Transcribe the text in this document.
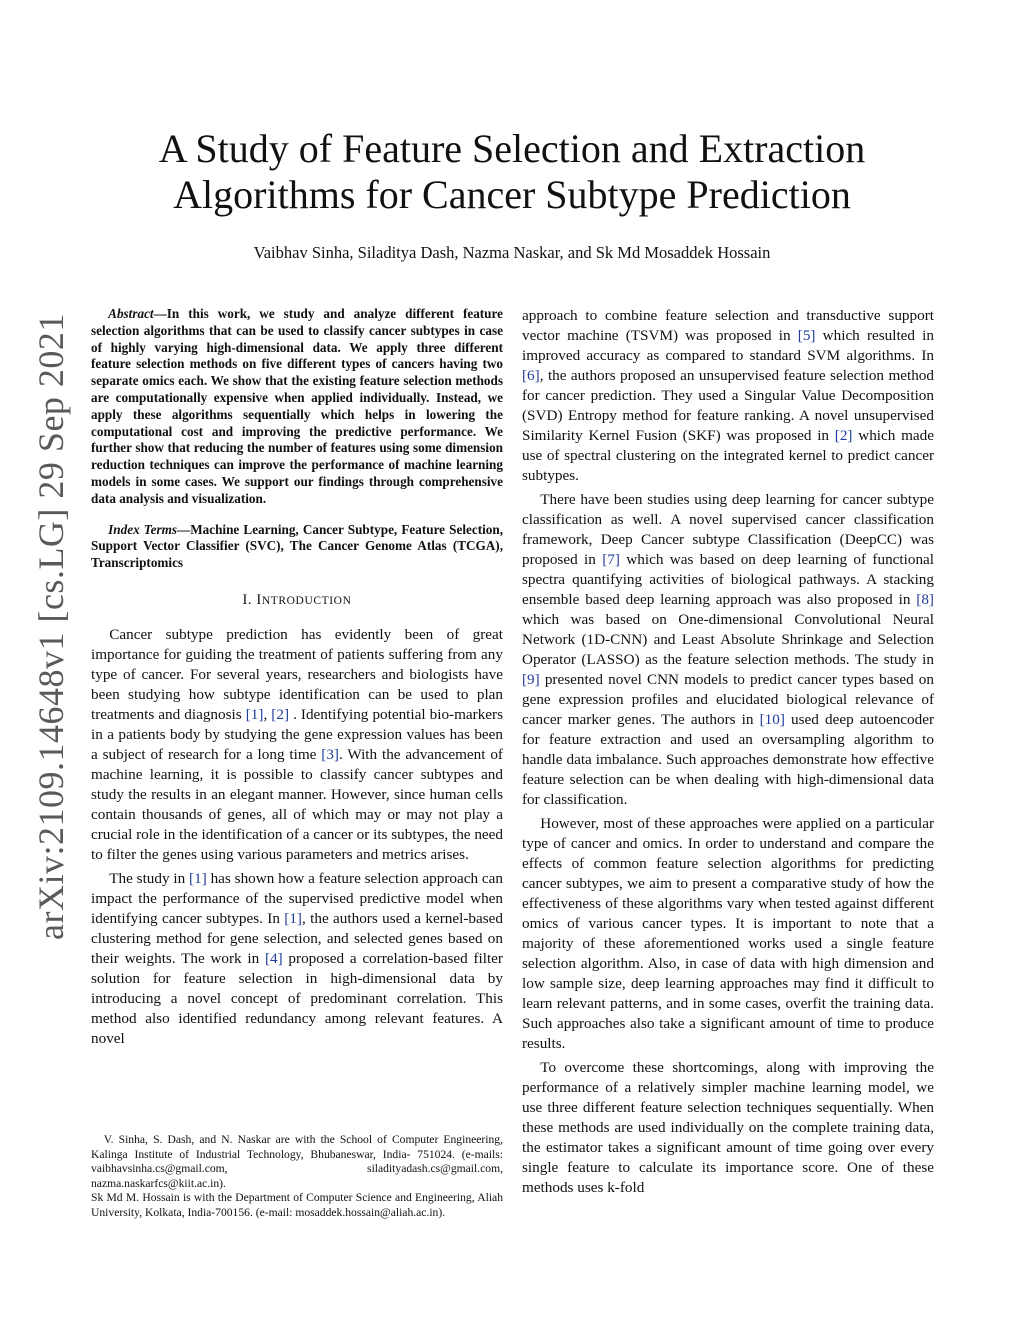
arXiv:2109.14648v1 [cs.LG] 29 Sep 2021
A Study of Feature Selection and Extraction
Algorithms for Cancer Subtype Prediction
Vaibhav Sinha, Siladitya Dash, Nazma Naskar, and Sk Md Mosaddek Hossain

Abstract—In this work, we study and analyze different feature selection algorithms that can be used to classify cancer subtypes in case of highly varying high-dimensional data. We apply three different feature selection methods on five different types of cancers having two separate omics each. We show that the existing feature selection methods are computationally expensive when applied individually. Instead, we apply these algorithms sequentially which helps in lowering the computational cost and improving the predictive performance. We further show that reducing the number of features using some dimension reduction techniques can improve the performance of machine learning models in some cases. We support our findings through comprehensive data analysis and visualization.

Index Terms—Machine Learning, Cancer Subtype, Feature Selection, Support Vector Classifier (SVC), The Cancer Genome Atlas (TCGA), Transcriptomics

I. INTRODUCTION

Cancer subtype prediction has evidently been of great importance for guiding the treatment of patients suffering from any type of cancer. For several years, researchers and biologists have been studying how subtype identification can be used to plan treatments and diagnosis [1], [2] . Identifying potential bio-markers in a patients body by studying the gene expression values has been a subject of research for a long time [3]. With the advancement of machine learning, it is possible to classify cancer subtypes and study the results in an elegant manner. However, since human cells contain thousands of genes, all of which may or may not play a crucial role in the identification of a cancer or its subtypes, the need to filter the genes using various parameters and metrics arises.

The study in [1] has shown how a feature selection approach can impact the performance of the supervised predictive model when identifying cancer subtypes. In [1], the authors used a kernel-based clustering method for gene selection, and selected genes based on their weights. The work in [4] proposed a correlation-based filter solution for feature selection in high-dimensional data by introducing a novel concept of predominant correlation. This method also identified redundancy among relevant features. A novel

V. Sinha, S. Dash, and N. Naskar are with the School of Computer Engineering, Kalinga Institute of Industrial Technology, Bhubaneswar, India- 751024. (e-mails: vaibhavsinha.cs@gmail.com, siladityadash.cs@gmail.com, nazma.naskarfcs@kiit.ac.in).

Sk Md M. Hossain is with the Department of Computer Science and Engineering, Aliah University, Kolkata, India-700156. (e-mail: mosaddek.hossain@aliah.ac.in).

approach to combine feature selection and transductive support vector machine (TSVM) was proposed in [5] which resulted in improved accuracy as compared to standard SVM algorithms. In [6], the authors proposed an unsupervised feature selection method for cancer prediction. They used a Singular Value Decomposition (SVD) Entropy method for feature ranking. A novel unsupervised Similarity Kernel Fusion (SKF) was proposed in [2] which made use of spectral clustering on the integrated kernel to predict cancer subtypes.

There have been studies using deep learning for cancer subtype classification as well. A novel supervised cancer classification framework, Deep Cancer subtype Classification (DeepCC) was proposed in [7] which was based on deep learning of functional spectra quantifying activities of biological pathways. A stacking ensemble based deep learning approach was also proposed in [8] which was based on One-dimensional Convolutional Neural Network (1D-CNN) and Least Absolute Shrinkage and Selection Operator (LASSO) as the feature selection methods. The study in [9] presented novel CNN models to predict cancer types based on gene expression profiles and elucidated biological relevance of cancer marker genes. The authors in [10] used deep autoencoder for feature extraction and used an oversampling algorithm to handle data imbalance. Such approaches demonstrate how effective feature selection can be when dealing with high-dimensional data for classification.

However, most of these approaches were applied on a particular type of cancer and omics. In order to understand and compare the effects of common feature selection algorithms for predicting cancer subtypes, we aim to present a comparative study of how the effectiveness of these algorithms vary when tested against different omics of various cancer types. It is important to note that a majority of these aforementioned works used a single feature selection algorithm. Also, in case of data with high dimension and low sample size, deep learning approaches may find it difficult to learn relevant patterns, and in some cases, overfit the training data. Such approaches also take a significant amount of time to produce results.

To overcome these shortcomings, along with improving the performance of a relatively simpler machine learning model, we use three different feature selection techniques sequentially. When these methods are used individually on the complete training data, the estimator takes a significant amount of time going over every single feature to calculate its importance score. One of these methods uses k-fold
